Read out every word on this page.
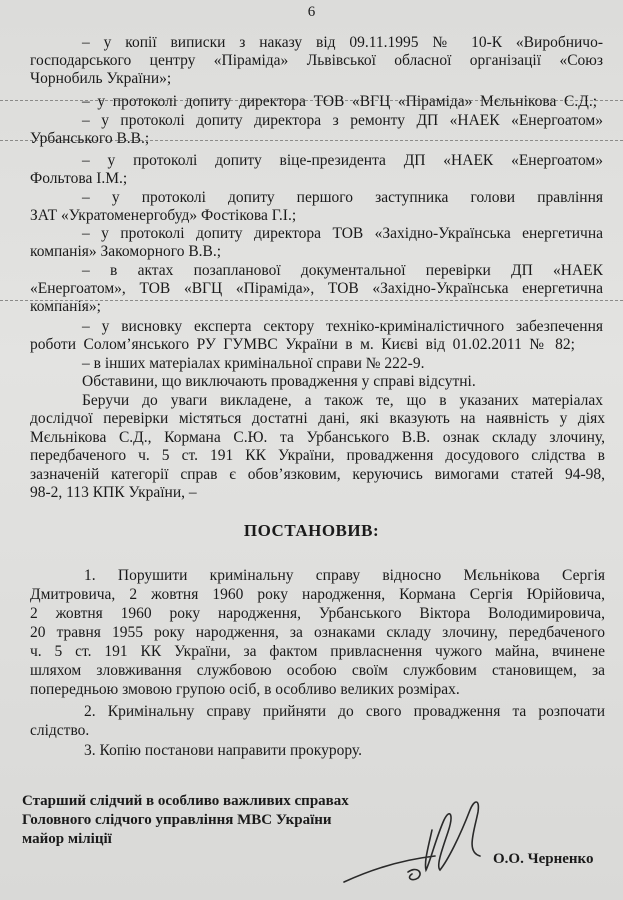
6
– у копії виписки з наказу від 09.11.1995 № 10-К «Виробничо-
господарського центру «Піраміда» Львівської обласної організації «Союз
Чорнобиль України»;
– у протоколі допиту директора ТОВ «ВГЦ «Піраміда» Мєльнікова С.Д.;
– у протоколі допиту директора з ремонту ДП «НАЕК «Енергоатом»
Урбанського В.В.;
– у протоколі допиту віце-президента ДП «НАЕК «Енергоатом»
Фольтова І.М.;
– у протоколі допиту першого заступника голови правління
ЗАТ «Укратоменергобуд» Фостікова Г.І.;
– у протоколі допиту директора ТОВ «Західно-Українська енергетична
компанія» Закоморного В.В.;
– в актах позапланової документальної перевірки ДП «НАЕК
«Енергоатом», ТОВ «ВГЦ «Піраміда», ТОВ «Західно-Українська енергетична
компанія»;
– у висновку експерта сектору техніко-криміналістичного забезпечення
роботи Солом’янського РУ ГУМВС України в м. Києві від 01.02.2011 № 82;
– в інших матеріалах кримінальної справи № 222-9.
Обставини, що виключають провадження у справі відсутні.
Беручи до уваги викладене, а також те, що в указаних матеріалах
дослідчої перевірки містяться достатні дані, які вказують на наявність у діях
Мєльнікова С.Д., Кормана С.Ю. та Урбанського В.В. ознак складу злочину,
передбаченого ч. 5 ст. 191 КК України, провадження досудового слідства в
зазначеній категорії справ є обов’язковим, керуючись вимогами статей 94-98,
98-2, 113 КПК України, –
ПОСТАНОВИВ:
1. Порушити кримінальну справу відносно Мєльнікова Сергія
Дмитровича, 2 жовтня 1960 року народження, Кормана Сергія Юрійовича,
2 жовтня 1960 року народження, Урбанського Віктора Володимировича,
20 травня 1955 року народження, за ознаками складу злочину, передбаченого
ч. 5 ст. 191 КК України, за фактом привласнення чужого майна, вчинене
шляхом зловживання службовою особою своїм службовим становищем, за
попередньою змовою групою осіб, в особливо великих розмірах.
2. Кримінальну справу прийняти до свого провадження та розпочати
слідство.
3. Копію постанови направити прокурору.
Старший слідчий в особливо важливих справах
Головного слідчого управління МВС України
майор міліції
О.О. Черненко
